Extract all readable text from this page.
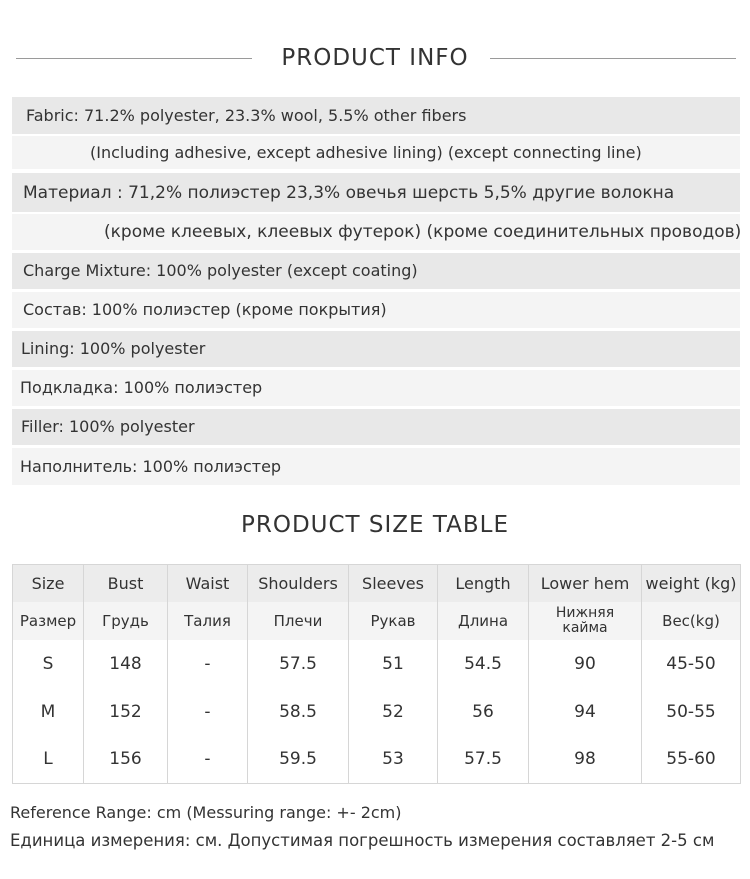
PRODUCT INFO
Fabric: 71.2% polyester, 23.3% wool, 5.5% other fibers
(Including adhesive, except adhesive lining) (except connecting line)
Материал : 71,2% полиэстер 23,3% овечья шерсть 5,5% другие волокна
(кроме клеевых, клеевых футерок) (кроме соединительных проводов)
Charge Mixture: 100% polyester (except coating)
Состав: 100% полиэстер (кроме покрытия)
Lining: 100% polyester
Подкладка: 100% полиэстер
Filler: 100% polyester
Наполнитель: 100% полиэстер
PRODUCT SIZE TABLE
Size	Bust	Waist	Shoulders	Sleeves	Length	Lower hem	weight (kg)
Размер	Грудь	Талия	Плечи	Рукав	Длина	Нижняя кайма	Вес(kg)
S	148	-	57.5	51	54.5	90	45-50
M	152	-	58.5	52	56	94	50-55
L	156	-	59.5	53	57.5	98	55-60
Reference Range: cm (Messuring range: +- 2cm)
Единица измерения: см. Допустимая погрешность измерения составляет 2-5 см
